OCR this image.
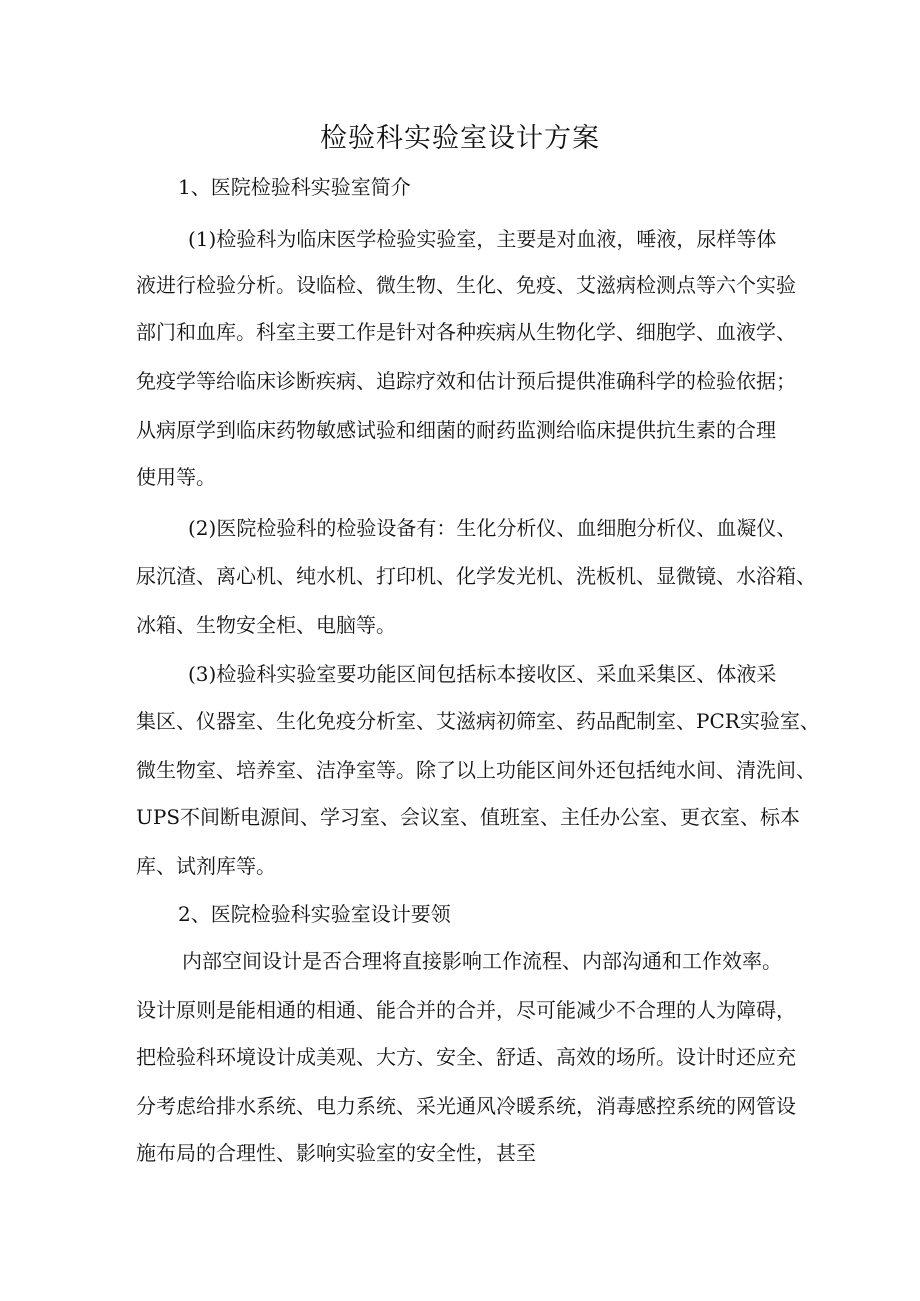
检验科实验室设计方案
1、医院检验科实验室简介
(1)检验科为临床医学检验实验室，主要是对血液，唾液，尿样等体
液进行检验分析。设临检、微生物、生化、免疫、艾滋病检测点等六个实验
部门和血库。科室主要工作是针对各种疾病从生物化学、细胞学、血液学、
免疫学等给临床诊断疾病、追踪疗效和估计预后提供准确科学的检验依据；
从病原学到临床药物敏感试验和细菌的耐药监测给临床提供抗生素的合理
使用等。
(2)医院检验科的检验设备有：生化分析仪、血细胞分析仪、血凝仪、
尿沉渣、离心机、纯水机、打印机、化学发光机、洗板机、显微镜、水浴箱、
冰箱、生物安全柜、电脑等。
(3)检验科实验室要功能区间包括标本接收区、采血采集区、体液采
集区、仪器室、生化免疫分析室、艾滋病初筛室、药品配制室、PCR实验室、
微生物室、培养室、洁净室等。除了以上功能区间外还包括纯水间、清洗间、
UPS不间断电源间、学习室、会议室、值班室、主任办公室、更衣室、标本
库、试剂库等。
2、医院检验科实验室设计要领
内部空间设计是否合理将直接影响工作流程、内部沟通和工作效率。
设计原则是能相通的相通、能合并的合并，尽可能减少不合理的人为障碍，
把检验科环境设计成美观、大方、安全、舒适、高效的场所。设计时还应充
分考虑给排水系统、电力系统、采光通风冷暖系统，消毒感控系统的网管设
施布局的合理性、影响实验室的安全性，甚至
